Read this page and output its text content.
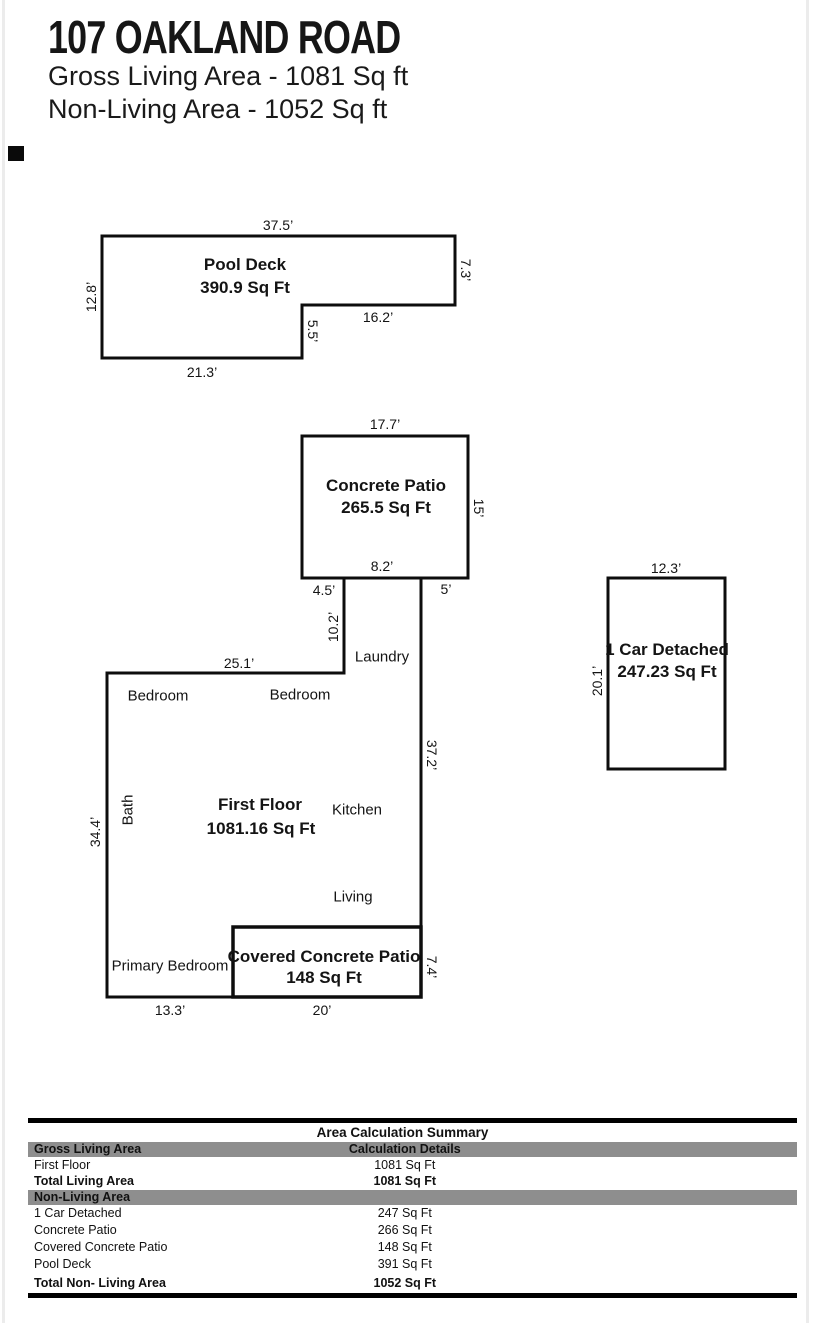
107 OAKLAND ROAD
Gross Living Area - 1081 Sq ft
Non-Living Area - 1052 Sq ft
37.5’
Pool Deck
390.9 Sq Ft
12.8’
7.3’
16.2’
5.5’
21.3’
17.7’
Concrete Patio
265.5 Sq Ft	15’
8.2’
4.5’	5’
12.3’
1 Car Detached
247.23 Sq Ft
20.1’
10.2’
Laundry
25.1’
Bedroom	Bedroom
Bath
34.4’
First Floor
1081.16 Sq Ft
Kitchen
37.2’
Living
Primary Bedroom
13.3’	20’
Covered Concrete Patio
148 Sq Ft	7.4’
Area Calculation Summary
Gross Living Area	Calculation Details
First Floor	1081 Sq Ft
Total Living Area	1081 Sq Ft
Non-Living Area
1 Car Detached	247 Sq Ft
Concrete Patio	266 Sq Ft
Covered Concrete Patio	148 Sq Ft
Pool Deck	391 Sq Ft
Total Non- Living Area	1052 Sq Ft
